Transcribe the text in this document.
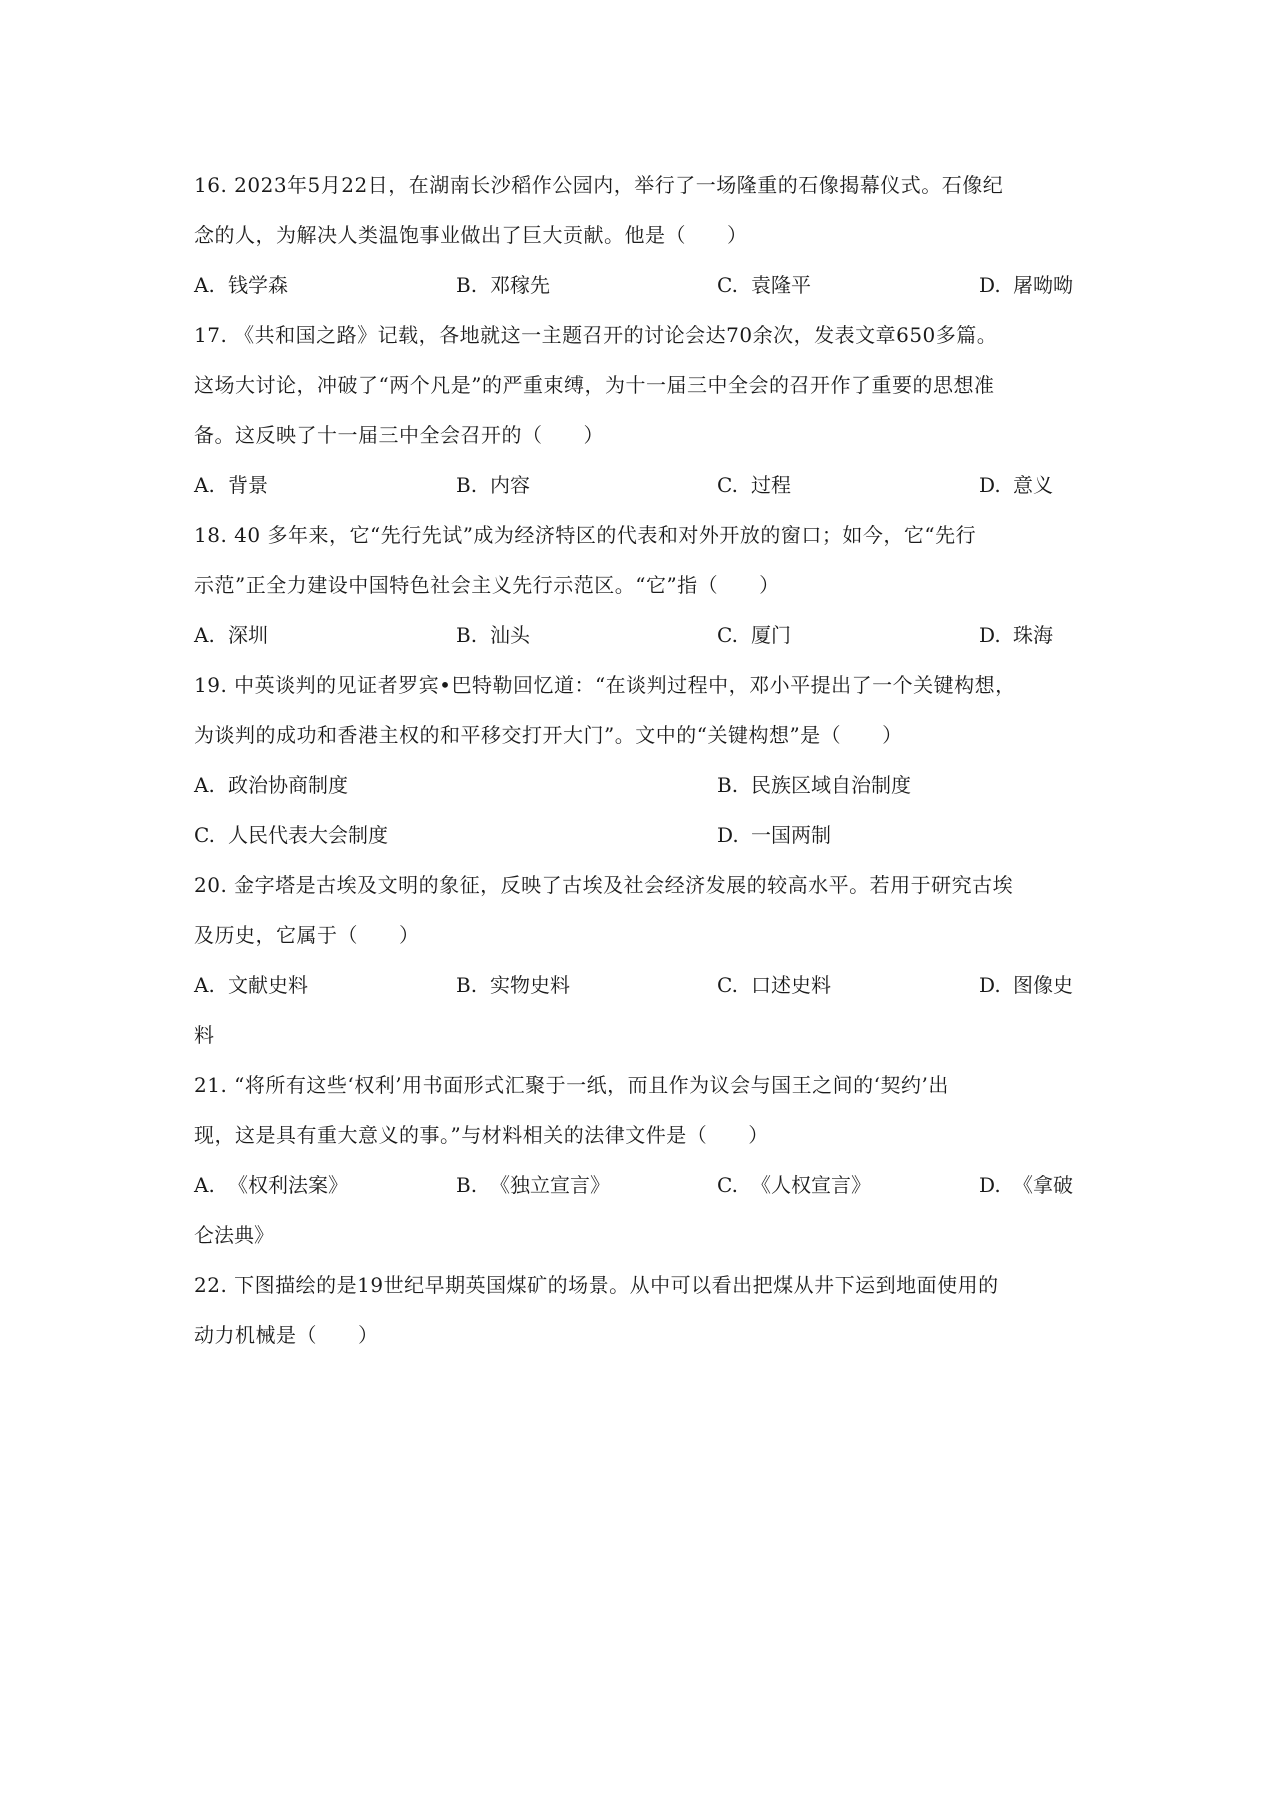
16. 2023年5月22日，在湖南长沙稻作公园内，举行了一场隆重的石像揭幕仪式。石像纪
念的人，为解决人类温饱事业做出了巨大贡献。他是（　　）
A. 钱学森	B. 邓稼先	C. 袁隆平	D. 屠呦呦
17. 《共和国之路》记载，各地就这一主题召开的讨论会达70余次，发表文章650多篇。
这场大讨论，冲破了“两个凡是”的严重束缚，为十一届三中全会的召开作了重要的思想准
备。这反映了十一届三中全会召开的（　　）
A. 背景	B. 内容	C. 过程	D. 意义
18. 40 多年来，它“先行先试”成为经济特区的代表和对外开放的窗口；如今，它“先行
示范”正全力建设中国特色社会主义先行示范区。“它”指（　　）
A. 深圳	B. 汕头	C. 厦门	D. 珠海
19. 中英谈判的见证者罗宾•巴特勒回忆道：“在谈判过程中，邓小平提出了一个关键构想，
为谈判的成功和香港主权的和平移交打开大门”。文中的“关键构想”是（　　）
A. 政治协商制度	B. 民族区域自治制度
C. 人民代表大会制度	D. 一国两制
20. 金字塔是古埃及文明的象征，反映了古埃及社会经济发展的较高水平。若用于研究古埃
及历史，它属于（　　）
A. 文献史料	B. 实物史料	C. 口述史料	D. 图像史
料
21. “将所有这些‘权利’用书面形式汇聚于一纸，而且作为议会与国王之间的‘契约’出
现，这是具有重大意义的事。”与材料相关的法律文件是（　　）
A. 《权利法案》	B. 《独立宣言》	C. 《人权宣言》	D. 《拿破
仑法典》
22. 下图描绘的是19世纪早期英国煤矿的场景。从中可以看出把煤从井下运到地面使用的
动力机械是（　　）
